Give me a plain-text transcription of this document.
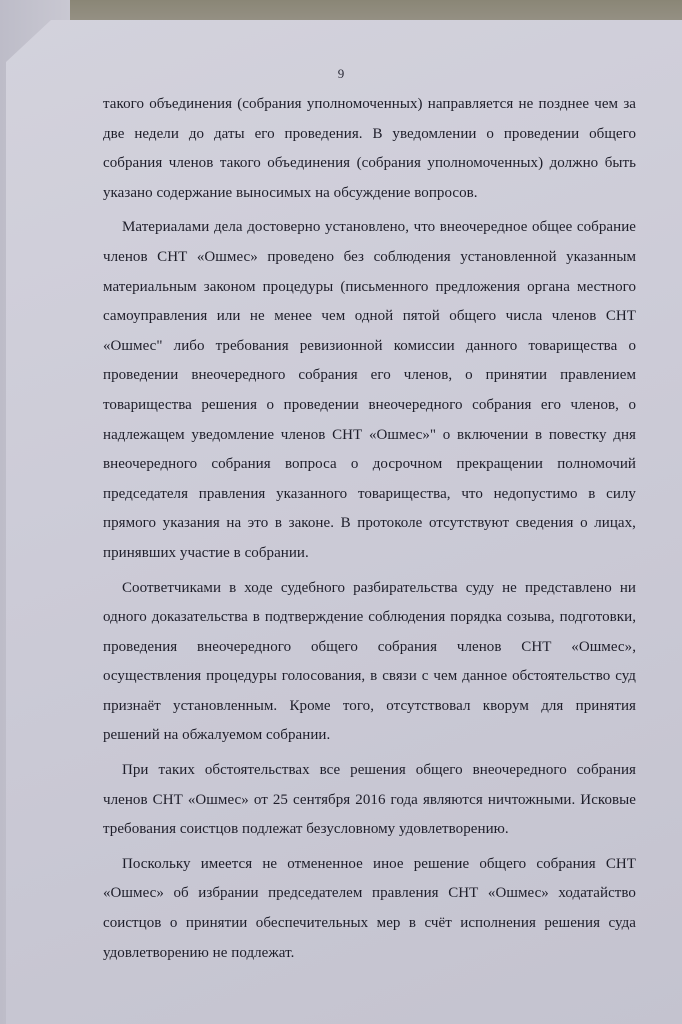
9

такого объединения (собрания уполномоченных) направляется не позднее чем за две недели до даты его проведения. В уведомлении о проведении общего собрания членов такого объединения (собрания уполномоченных) должно быть указано содержание выносимых на обсуждение вопросов.

Материалами дела достоверно установлено, что внеочередное общее собрание членов СНТ «Ошмес» проведено без соблюдения установленной указанным материальным законом процедуры (письменного предложения органа местного самоуправления или не менее чем одной пятой общего числа членов СНТ «Ошмес" либо требования ревизионной комиссии данного товарищества о проведении внеочередного собрания его членов, о принятии правлением товарищества решения о проведении внеочередного собрания его членов, о надлежащем уведомление членов СНТ «Ошмес»" о включении в повестку дня внеочередного собрания вопроса о досрочном прекращении полномочий председателя правления указанного товарищества, что недопустимо в силу прямого указания на это в законе. В протоколе отсутствуют сведения о лицах, принявших участие в собрании.

Соответчиками в ходе судебного разбирательства суду не представлено ни одного доказательства в подтверждение соблюдения порядка созыва, подготовки, проведения внеочередного общего собрания членов СНТ «Ошмес», осуществления процедуры голосования, в связи с чем данное обстоятельство суд признаёт установленным. Кроме того, отсутствовал кворум для принятия решений на обжалуемом собрании.

При таких обстоятельствах все решения общего внеочередного собрания членов СНТ «Ошмес» от 25 сентября 2016 года являются ничтожными. Исковые требования соистцов подлежат безусловному удовлетворению.

Поскольку имеется не отмененное иное решение общего собрания СНТ «Ошмес» об избрании председателем правления СНТ «Ошмес» ходатайство соистцов о принятии обеспечительных мер в счёт исполнения решения суда удовлетворению не подлежат.
